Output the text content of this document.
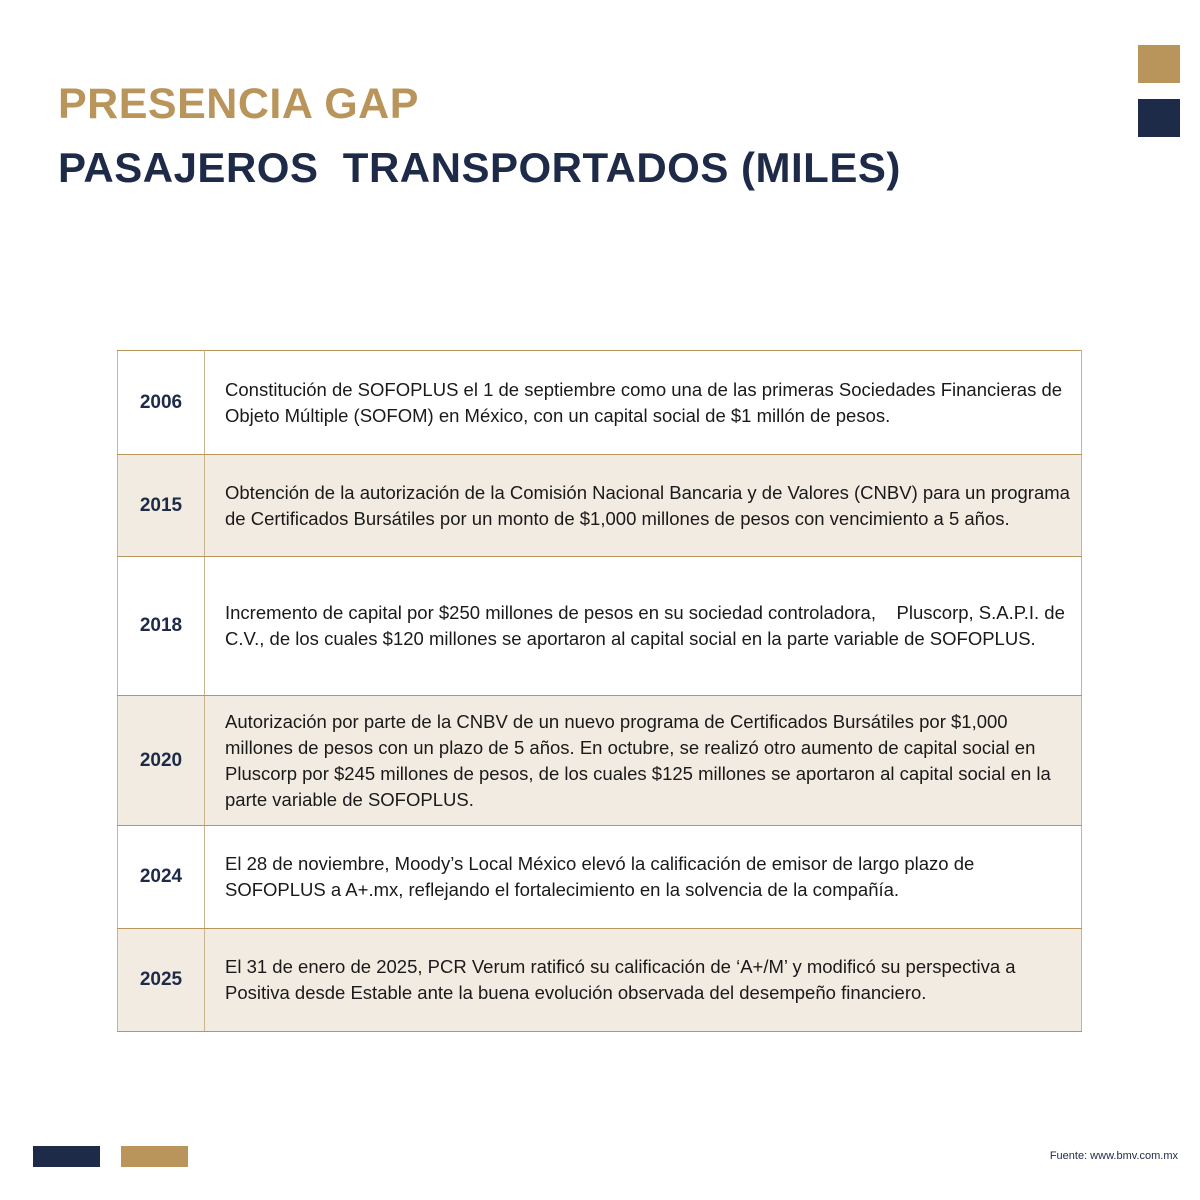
PRESENCIA GAP
PASAJEROS  TRANSPORTADOS (MILES)
2006	Constitución de SOFOPLUS el 1 de septiembre como una de las primeras Sociedades Financieras de Objeto Múltiple (SOFOM) en México, con un capital social de $1 millón de pesos.
2015	Obtención de la autorización de la Comisión Nacional Bancaria y de Valores (CNBV) para un programa de Certificados Bursátiles por un monto de $1,000 millones de pesos con vencimiento a 5 años.
2018	Incremento de capital por $250 millones de pesos en su sociedad controladora,    Pluscorp, S.A.P.I. de C.V., de los cuales $120 millones se aportaron al capital social en la parte variable de SOFOPLUS.
2020	Autorización por parte de la CNBV de un nuevo programa de Certificados Bursátiles por $1,000 millones de pesos con un plazo de 5 años. En octubre, se realizó otro aumento de capital social en Pluscorp por $245 millones de pesos, de los cuales $125 millones se aportaron al capital social en la parte variable de SOFOPLUS.
2024	El 28 de noviembre, Moody’s Local México elevó la calificación de emisor de largo plazo de SOFOPLUS a A+.mx, reflejando el fortalecimiento en la solvencia de la compañía.
2025	El 31 de enero de 2025, PCR Verum ratificó su calificación de ‘A+/M’ y modificó su perspectiva a  Positiva desde Estable ante la buena evolución observada del desempeño financiero.
Fuente: www.bmv.com.mx
